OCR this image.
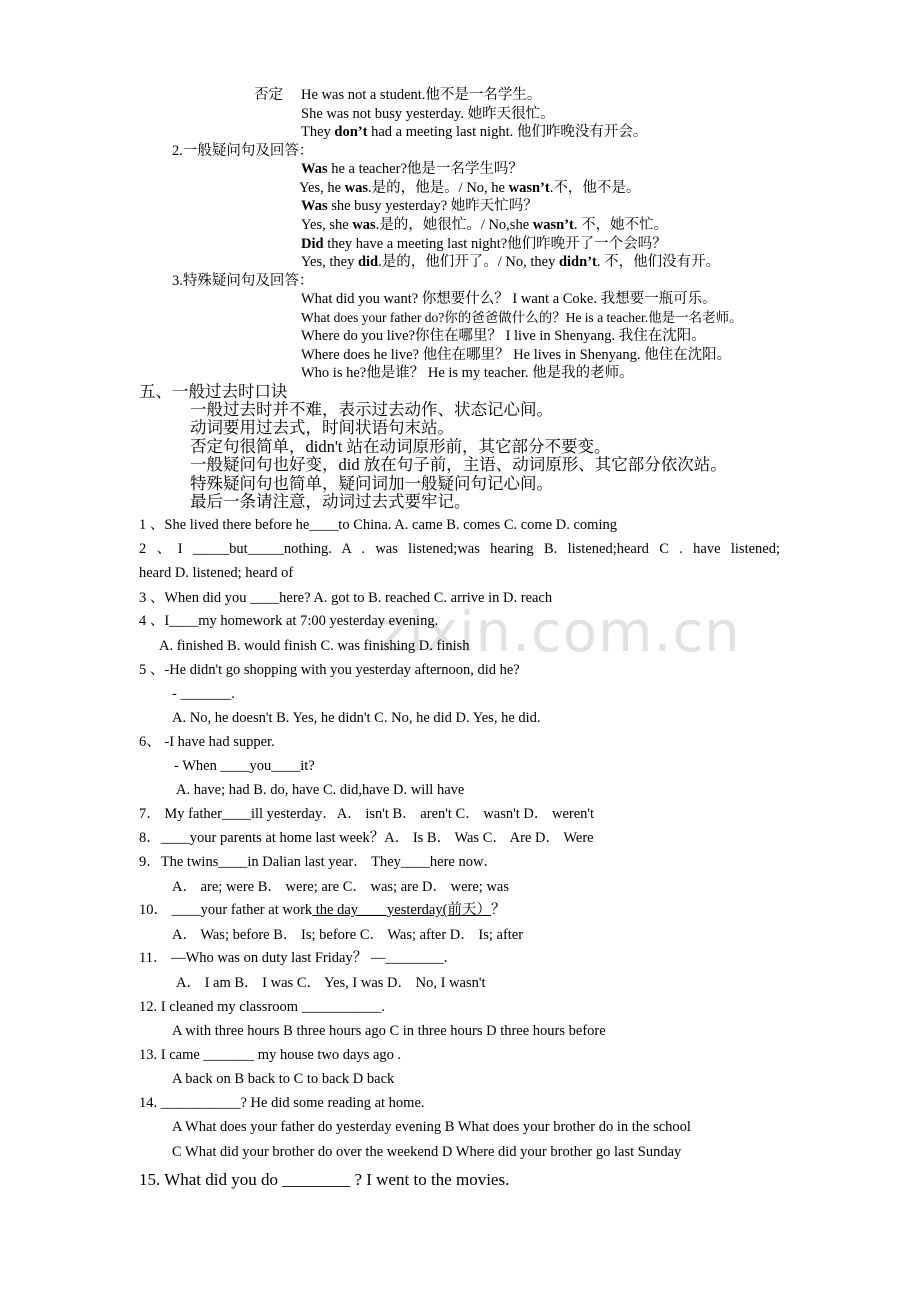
zixin.com.cn
否定 He was not a student.他不是一名学生。
She was not busy yesterday. 她昨天很忙。
They don’t had a meeting last night. 他们昨晚没有开会。
2.一般疑问句及回答：
Was he a teacher?他是一名学生吗？
Yes, he was.是的，他是。/ No, he wasn’t.不，他不是。
Was she busy yesterday? 她昨天忙吗？
Yes, she was.是的，她很忙。/ No,she wasn’t. 不，她不忙。
Did they have a meeting last night?他们昨晚开了一个会吗？
Yes, they did.是的，他们开了。/ No, they didn’t. 不，他们没有开。
3.特殊疑问句及回答：
What did you want? 你想要什么？ I want a Coke. 我想要一瓶可乐。
What does your father do?你的爸爸做什么的？He is a teacher.他是一名老师。
Where do you live?你住在哪里？ I live in Shenyang. 我住在沈阳。
Where does he live? 他住在哪里？ He lives in Shenyang. 他住在沈阳。
Who is he?他是谁？ He is my teacher. 他是我的老师。
五、一般过去时口诀
一般过去时并不难，表示过去动作、状态记心间。
动词要用过去式，时间状语句末站。
否定句很简单，didn't 站在动词原形前，其它部分不要变。
一般疑问句也好变，did 放在句子前，主语、动词原形、其它部分依次站。
特殊疑问句也简单，疑问词加一般疑问句记心间。
最后一条请注意，动词过去式要牢记。
1 、She lived there before he____to China. A. came B. comes C. come D. coming
2 、I _____but_____nothing. A . was listened;was hearing B. listened;heard C . have listened;
heard D. listened; heard of
3 、When did you ____here? A. got to B. reached C. arrive in D. reach
4 、I____my homework at 7:00 yesterday evening.
A. finished B. would finish C. was finishing D. finish
5 、-He didn't go shopping with you yesterday afternoon, did he?
- _______.
A. No, he doesn't B. Yes, he didn't C. No, he did D. Yes, he did.
6、 -I have had supper.
- When ____you____it?
A. have; had B. do, have C. did,have D. will have
7． My father____ill yesterday．A． isn't B． aren't C． wasn't D． weren't
8．____your parents at home last week？A． Is B． Was C． Are D． Were
9．The twins____in Dalian last year． They____here now．
A． are; were B． were; are C． was; are D． were; was
10． ____your father at work the day____yesterday(前天）？
A． Was; before B． Is; before C． Was; after D． Is; after
11． —Who was on duty last Friday？ —________．
A． I am B． I was C． Yes, I was D． No, I wasn't
12. I cleaned my classroom ___________.
A with three hours B three hours ago C in three hours D three hours before
13. I came _______ my house two days ago .
A back on B back to C to back D back
14. ___________? He did some reading at home.
A What does your father do yesterday evening B What does your brother do in the school
C What did your brother do over the weekend D Where did your brother go last Sunday
15. What did you do ________ ? I went to the movies.
